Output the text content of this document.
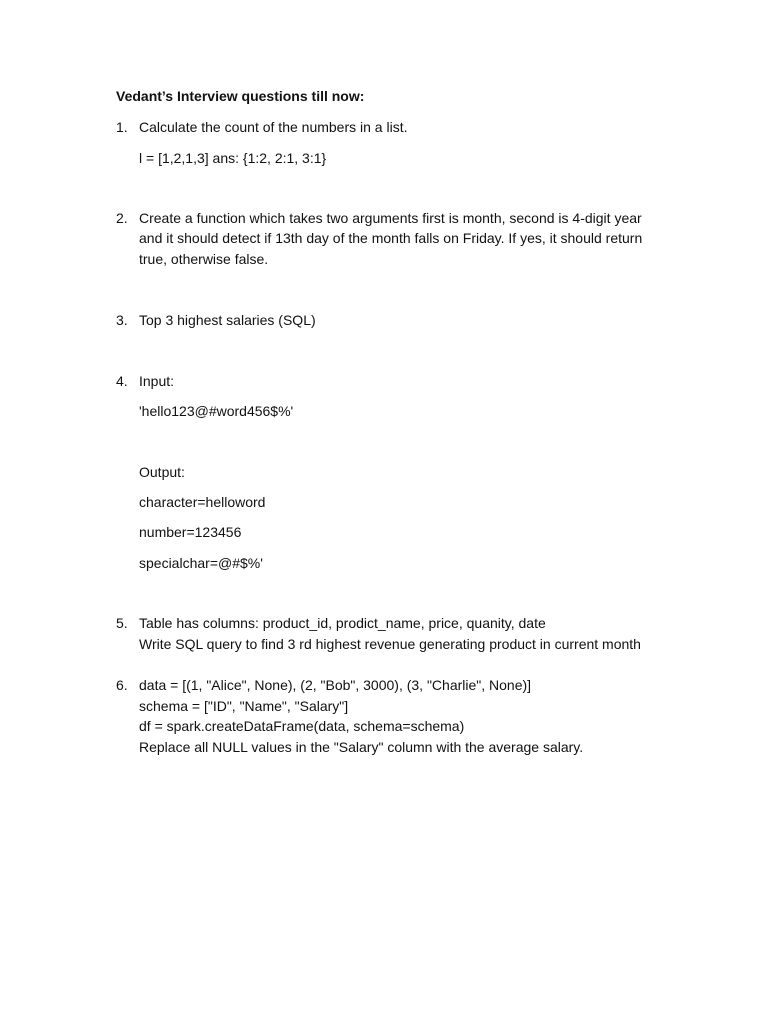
Vedant’s Interview questions till now:
1. Calculate the count of the numbers in a list.
l = [1,2,1,3] ans: {1:2, 2:1, 3:1}
2. Create a function which takes two arguments first is month, second is 4-digit year
and it should detect if 13th day of the month falls on Friday. If yes, it should return
true, otherwise false.
3. Top 3 highest salaries (SQL)
4. Input:
'hello123@#word456$%'
Output:
character=helloword
number=123456
specialchar=@#$%'
5. Table has columns: product_id, prodict_name, price, quanity, date
Write SQL query to find 3 rd highest revenue generating product in current month
6. data = [(1, "Alice", None), (2, "Bob", 3000), (3, "Charlie", None)]
schema = ["ID", "Name", "Salary"]
df = spark.createDataFrame(data, schema=schema)
Replace all NULL values in the "Salary" column with the average salary.
